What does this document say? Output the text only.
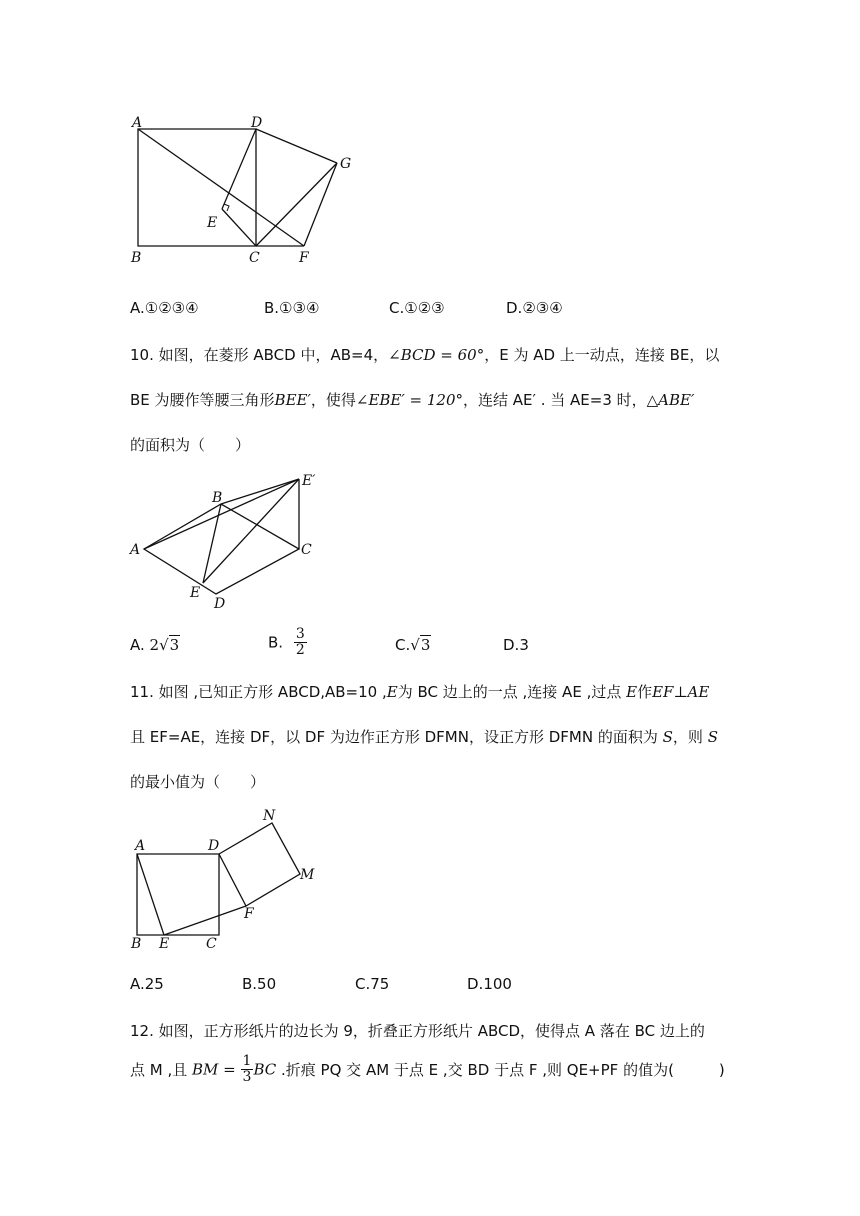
A	D
G
E
B	C	F
A.①②③④	B.①③④	C.①②③	D.②③④
10. 如图，在菱形 ABCD 中，AB=4，∠BCD = 60°，E 为 AD 上一动点，连接 BE，以
BE 为腰作等腰三角形BEE′，使得∠EBE′ = 120°，连结 AE′ . 当 AE=3 时，△ABE′
的面积为（　　）
B
E′
A	C
E
D
A. 2√3	B. $\frac{3}{2}$	C.√3	D.3
11. 如图 ,已知正方形 ABCD,AB=10 ,E为 BC 边上的一点 ,连接 AE ,过点 E作EF⊥AE
且 EF=AE，连接 DF，以 DF 为边作正方形 DFMN，设正方形 DFMN 的面积为 S，则 S
的最小值为（　　）
A	D
N
M
F
B E	C
A.25	B.50	C.75	D.100
12. 如图，正方形纸片的边长为 9，折叠正方形纸片 ABCD，使得点 A 落在 BC 边上的
点 M ,且 BM = $\frac{1}{3}$ BC .折痕 PQ 交 AM 于点 E ,交 BD 于点 F ,则 QE+PF 的值为(　　　)
